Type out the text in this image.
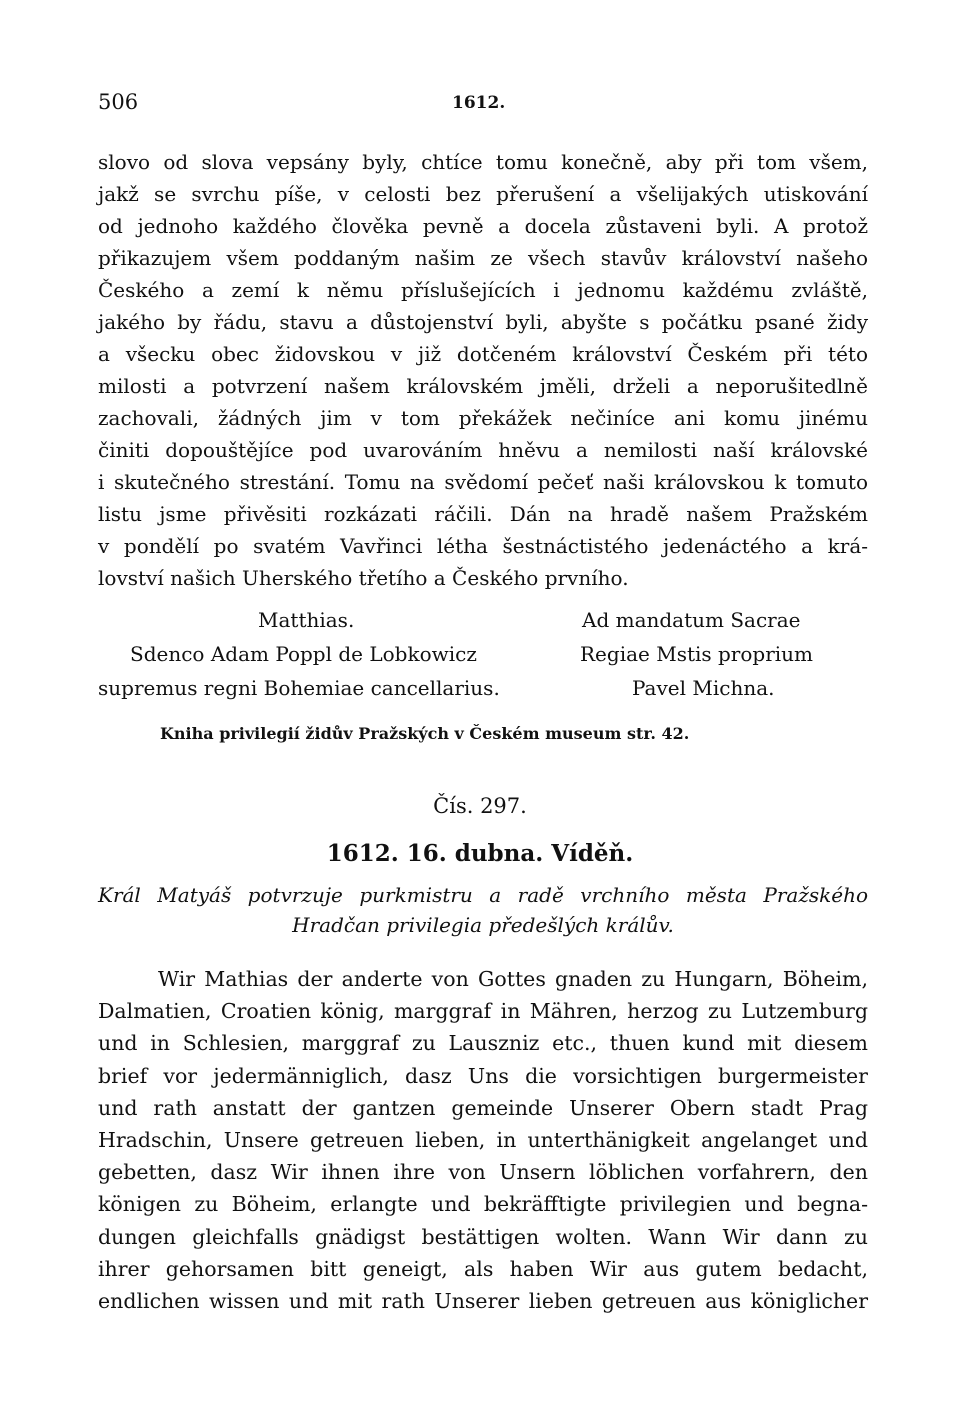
506	1612.
slovo od slova vepsány byly, chtíce tomu konečně, aby při tom všem,
jakž se svrchu píše, v celosti bez přerušení a všelijakých utiskování
od jednoho každého člověka pevně a docela zůstaveni byli. A protož
přikazujem všem poddaným našim ze všech stavův království našeho
Českého a zemí k němu příslušejících i jednomu každému zvláště,
jakého by řádu, stavu a důstojenství byli, abyšte s počátku psané židy
a všecku obec židovskou v již dotčeném království Českém při této
milosti a potvrzení našem královském jměli, drželi a neporušitedlně
zachovali, žádných jim v tom překážek nečiníce ani komu jinému
činiti dopouštějíce pod uvarováním hněvu a nemilosti naší královské
i skutečného strestání. Tomu na svědomí pečeť naši královskou k tomuto
listu jsme přivěsiti rozkázati ráčili. Dán na hradě našem Pražském
v pondělí po svatém Vavřinci létha šestnáctistého jedenáctého a krá-
lovství našich Uherského třetího a Českého prvního.
Matthias.
Sdenco Adam Poppl de Lobkowicz
supremus regni Bohemiae cancellarius.
Ad mandatum Sacrae
Regiae Mstis proprium
Pavel Michna.
Kniha privilegií židův Pražských v Českém museum str. 42.
Čís. 297.
1612. 16. dubna. Víděň.
Král Matyáš potvrzuje purkmistru a radě vrchního města Pražského
Hradčan privilegia předešlých králův.
Wir Mathias der anderte von Gottes gnaden zu Hungarn, Böheim,
Dalmatien, Croatien könig, marggraf in Mähren, herzog zu Lutzemburg
und in Schlesien, marggraf zu Lauszniz etc., thuen kund mit diesem
brief vor jedermänniglich, dasz Uns die vorsichtigen burgermeister
und rath anstatt der gantzen gemeinde Unserer Obern stadt Prag
Hradschin, Unsere getreuen lieben, in unterthänigkeit angelanget und
gebetten, dasz Wir ihnen ihre von Unsern löblichen vorfahrern, den
königen zu Böheim, erlangte und bekräfftigte privilegien und begna-
dungen gleichfalls gnädigst bestättigen wolten. Wann Wir dann zu
ihrer gehorsamen bitt geneigt, als haben Wir aus gutem bedacht,
endlichen wissen und mit rath Unserer lieben getreuen aus königlicher
